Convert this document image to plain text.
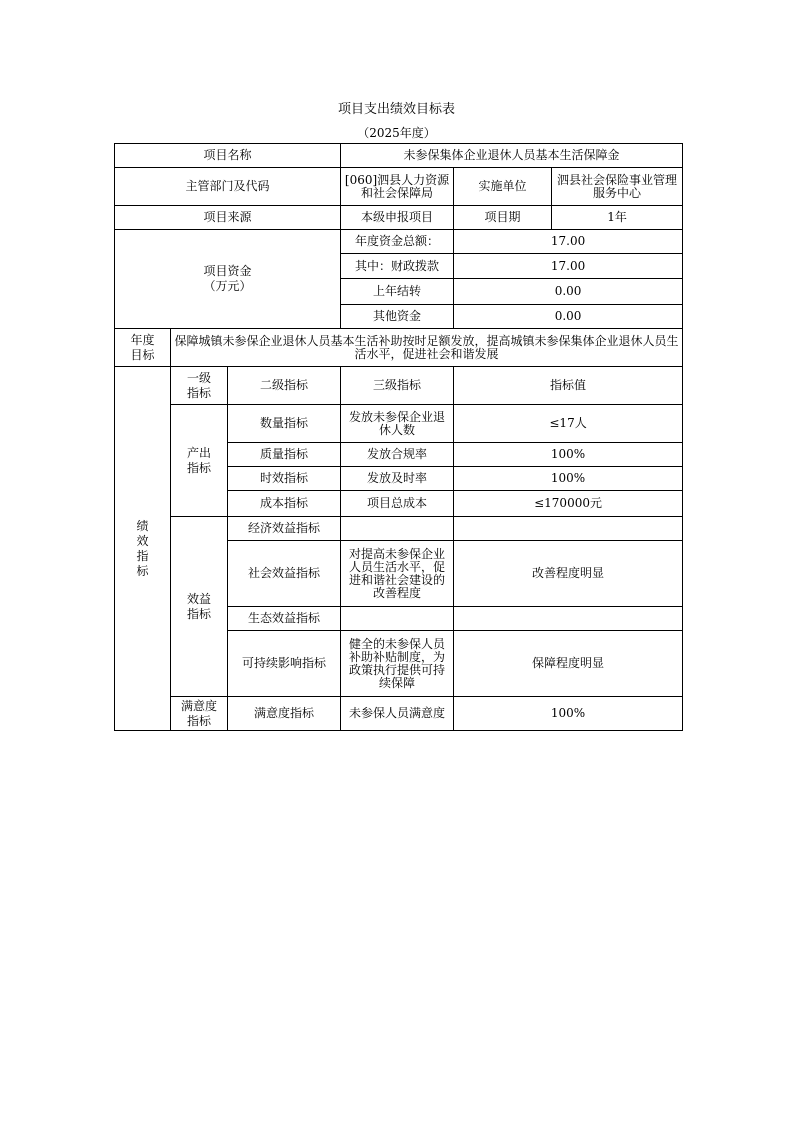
项目支出绩效目标表
（2025年度）
项目名称			未参保集体企业退休人员基本生活保障金		
主管部门及代码			[060]泗县人力资源和社会保障局	实施单位	泗县社会保险事业管理服务中心
项目来源			本级申报项目	项目期	1年

项目资金（万元）			年度资金总额：	17.00	
			其中：财政拨款	17.00	
			上年结转	0.00	
			其他资金	0.00	

年度目标	保障城镇未参保企业退休人员基本生活补助按时足额发放，提高城镇未参保集体企业退休人员生活水平，促进社会和谐发展				
绩效指标	一级指标	二级指标	三级指标	指标值	

	产出指标	数量指标	发放未参保企业退休人数	≤17人	
		质量指标	发放合规率	100%	
		时效指标	发放及时率	100%	
		成本指标	项目总成本	≤170000元	

	效益指标	经济效益指标			
		社会效益指标	对提高未参保企业人员生活水平，促进和谐社会建设的改善程度	改善程度明显	
		生态效益指标			
		可持续影响指标	健全的未参保人员补助补贴制度，为政策执行提供可持续保障	保障程度明显	

	满意度指标	满意度指标	未参保人员满意度	100%	
